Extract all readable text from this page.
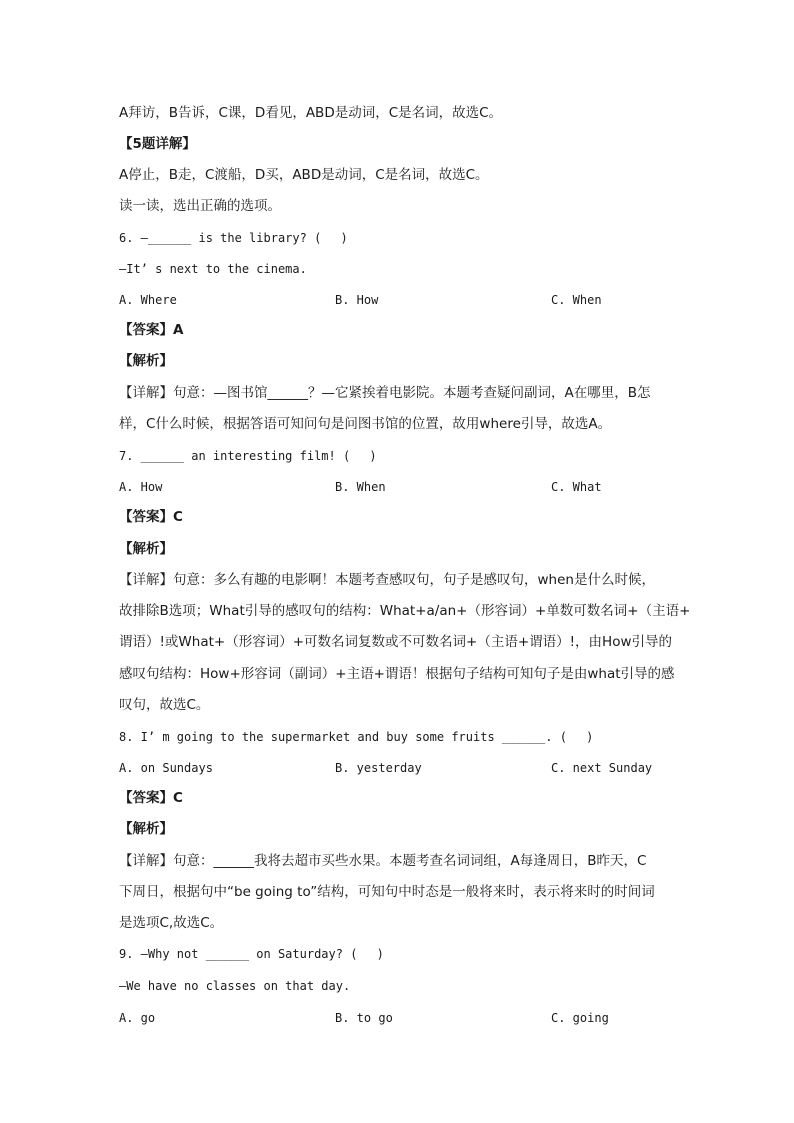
A拜访，B告诉，C课，D看见，ABD是动词，C是名词，故选C。
【5题详解】
A停止，B走，C渡船，D买，ABD是动词，C是名词，故选C。
读一读，选出正确的选项。
6. —______ is the library? (　 )
—It’ s next to the cinema.
A. Where	B. How	C. When
【答案】A
【解析】
【详解】句意：—图书馆______？—它紧挨着电影院。本题考查疑问副词，A在哪里，B怎
样，C什么时候，根据答语可知问句是问图书馆的位置，故用where引导，故选A。
7. ______ an interesting film! (　 )
A. How	B. When	C. What
【答案】C
【解析】
【详解】句意：多么有趣的电影啊！本题考查感叹句，句子是感叹句，when是什么时候，
故排除B选项；What引导的感叹句的结构：What+a/an+（形容词）+单数可数名词+（主语+
谓语）!或What+（形容词）+可数名词复数或不可数名词+（主语+谓语）!，由How引导的
感叹句结构：How+形容词（副词）+主语+谓语！根据句子结构可知句子是由what引导的感
叹句，故选C。
8. I’ m going to the supermarket and buy some fruits ______. (　 )
A. on Sundays	B. yesterday	C. next Sunday
【答案】C
【解析】
【详解】句意：______我将去超市买些水果。本题考查名词词组，A每逢周日，B昨天，C
下周日，根据句中“be going to”结构，可知句中时态是一般将来时，表示将来时的时间词
是选项C,故选C。
9. —Why not ______ on Saturday? (　 )
—We have no classes on that day.
A. go	B. to go	C. going
